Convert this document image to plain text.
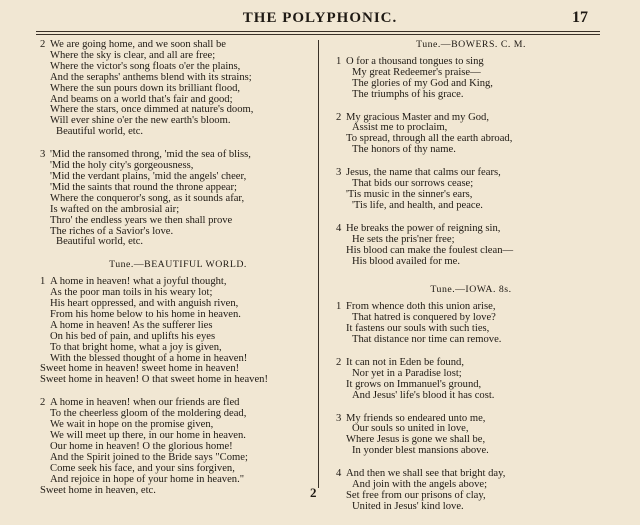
THE POLYPHONIC.	17
2 We are going home, and we soon shall be
Where the sky is clear, and all are free;
Where the victor's song floats o'er the plains,
And the seraphs' anthems blend with its strains;
Where the sun pours down its brilliant flood,
And beams on a world that's fair and good;
Where the stars, once dimmed at nature's doom,
Will ever shine o'er the new earth's bloom.
Beautiful world, etc.
3 'Mid the ransomed throng, 'mid the sea of bliss,
'Mid the holy city's gorgeousness,
'Mid the verdant plains, 'mid the angels' cheer,
'Mid the saints that round the throne appear;
Where the conqueror's song, as it sounds afar,
Is wafted on the ambrosial air;
Thro' the endless years we then shall prove
The riches of a Savior's love.
Beautiful world, etc.
Tune.—BEAUTIFUL WORLD.
1 A home in heaven! what a joyful thought,
As the poor man toils in his weary lot;
His heart oppressed, and with anguish riven,
From his home below to his home in heaven.
A home in heaven! As the sufferer lies
On his bed of pain, and uplifts his eyes
To that bright home, what a joy is given,
With the blessed thought of a home in heaven!
Sweet home in heaven! sweet home in heaven!
Sweet home in heaven! O that sweet home in heaven!
2 A home in heaven! when our friends are fled
To the cheerless gloom of the moldering dead,
We wait in hope on the promise given,
We will meet up there, in our home in heaven.
Our home in heaven! O the glorious home!
And the Spirit joined to the Bride says "Come;
Come seek his face, and your sins forgiven,
And rejoice in hope of your home in heaven."
Sweet home in heaven, etc.
Tune.—BOWERS. C. M.
1 O for a thousand tongues to sing
My great Redeemer's praise—
The glories of my God and King,
The triumphs of his grace.
2 My gracious Master and my God,
Assist me to proclaim,
To spread, through all the earth abroad,
The honors of thy name.
3 Jesus, the name that calms our fears,
That bids our sorrows cease;
'Tis music in the sinner's ears,
'Tis life, and health, and peace.
4 He breaks the power of reigning sin,
He sets the pris'ner free;
His blood can make the foulest clean—
His blood availed for me.
Tune.—IOWA. 8s.
1 From whence doth this union arise,
That hatred is conquered by love?
It fastens our souls with such ties,
That distance nor time can remove.
2 It can not in Eden be found,
Nor yet in a Paradise lost;
It grows on Immanuel's ground,
And Jesus' life's blood it has cost.
3 My friends so endeared unto me,
Our souls so united in love,
Where Jesus is gone we shall be,
In yonder blest mansions above.
4 And then we shall see that bright day,
And join with the angels above;
Set free from our prisons of clay,
United in Jesus' kind love.
2
